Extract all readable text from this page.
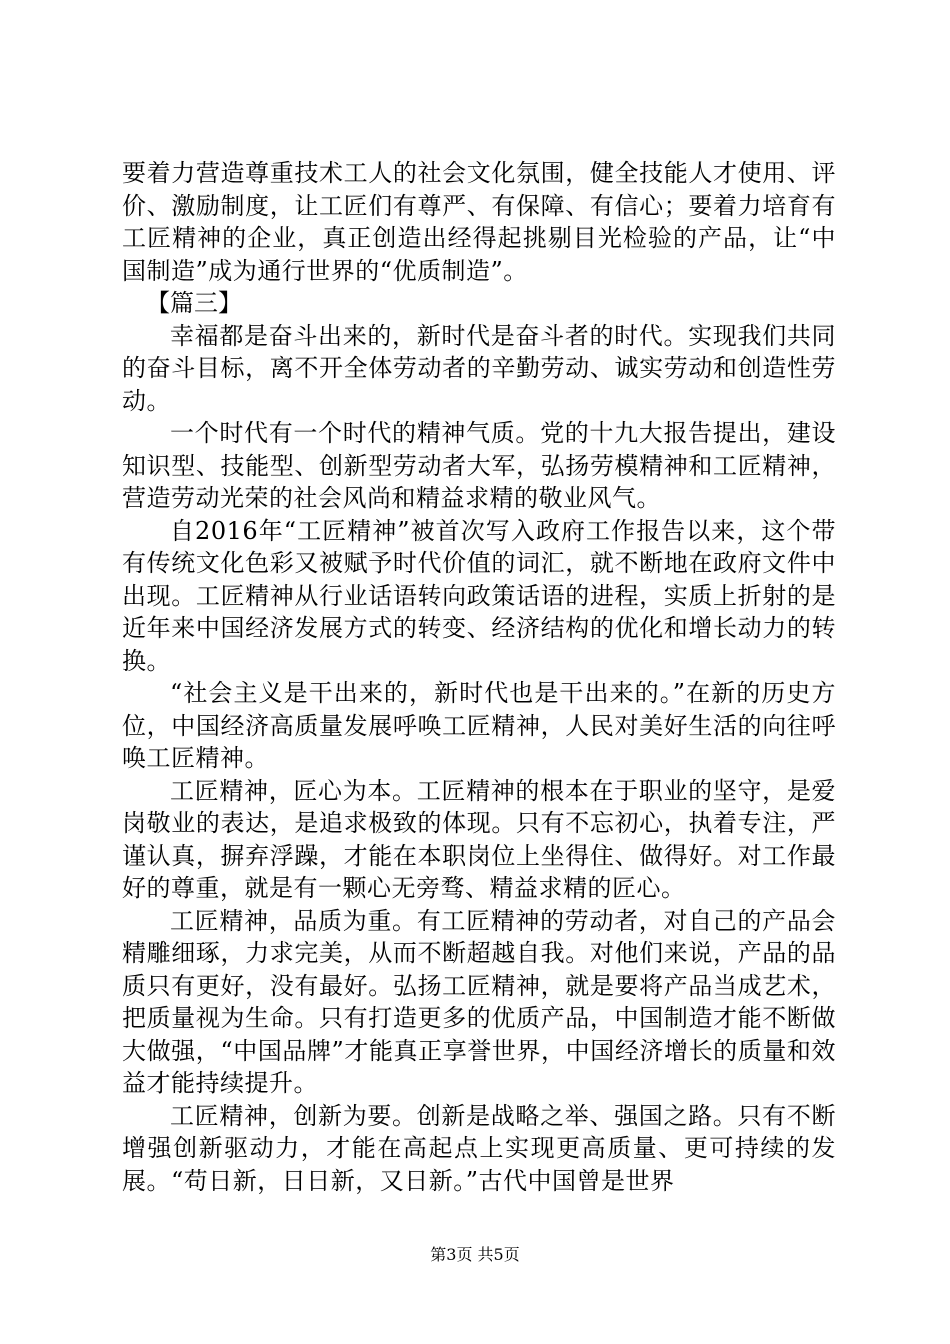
要着力营造尊重技术工人的社会文化氛围，健全技能人才使用、评价、激励制度，让工匠们有尊严、有保障、有信心；要着力培育有工匠精神的企业，真正创造出经得起挑剔目光检验的产品，让“中国制造”成为通行世界的“优质制造”。

【篇三】

幸福都是奋斗出来的，新时代是奋斗者的时代。实现我们共同的奋斗目标，离不开全体劳动者的辛勤劳动、诚实劳动和创造性劳动。

一个时代有一个时代的精神气质。党的十九大报告提出，建设知识型、技能型、创新型劳动者大军，弘扬劳模精神和工匠精神，营造劳动光荣的社会风尚和精益求精的敬业风气。

自2016年“工匠精神”被首次写入政府工作报告以来，这个带有传统文化色彩又被赋予时代价值的词汇，就不断地在政府文件中出现。工匠精神从行业话语转向政策话语的进程，实质上折射的是近年来中国经济发展方式的转变、经济结构的优化和增长动力的转换。

“社会主义是干出来的，新时代也是干出来的。”在新的历史方位，中国经济高质量发展呼唤工匠精神，人民对美好生活的向往呼唤工匠精神。

工匠精神，匠心为本。工匠精神的根本在于职业的坚守，是爱岗敬业的表达，是追求极致的体现。只有不忘初心，执着专注，严谨认真，摒弃浮躁，才能在本职岗位上坐得住、做得好。对工作最好的尊重，就是有一颗心无旁骛、精益求精的匠心。

工匠精神，品质为重。有工匠精神的劳动者，对自己的产品会精雕细琢，力求完美，从而不断超越自我。对他们来说，产品的品质只有更好，没有最好。弘扬工匠精神，就是要将产品当成艺术，把质量视为生命。只有打造更多的优质产品，中国制造才能不断做大做强，“中国品牌”才能真正享誉世界，中国经济增长的质量和效益才能持续提升。

工匠精神，创新为要。创新是战略之举、强国之路。只有不断增强创新驱动力，才能在高起点上实现更高质量、更可持续的发展。“苟日新，日日新，又日新。”古代中国曾是世界

第3页 共5页
